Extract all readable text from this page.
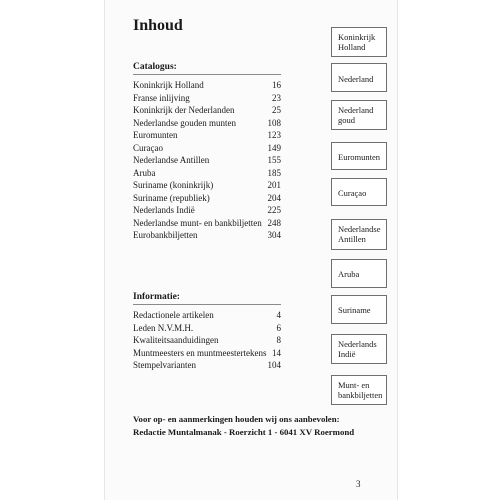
Inhoud
Catalogus:
Koninkrijk Holland	16
Franse inlijving	23
Koninkrijk der Nederlanden	25
Nederlandse gouden munten	108
Euromunten	123
Curaçao	149
Nederlandse Antillen	155
Aruba	185
Suriname (koninkrijk)	201
Suriname (republiek)	204
Nederlands Indië	225
Nederlandse munt- en bankbiljetten 248
Eurobankbiljetten	304
Informatie:
Redactionele artikelen	4
Leden N.V.M.H.	6
Kwaliteitsaanduidingen	8
Muntmeesters en muntmeestertekens 14
Stempelvarianten	104
Koninkrijk
Holland
Nederland
Nederland
goud
Euromunten
Curaçao
Nederlandse
Antillen
Aruba
Suriname
Nederlands
Indië
Munt- en
bankbiljetten
Voor op- en aanmerkingen houden wij ons aanbevolen:
Redactie Muntalmanak - Roerzicht 1 - 6041 XV Roermond
3
